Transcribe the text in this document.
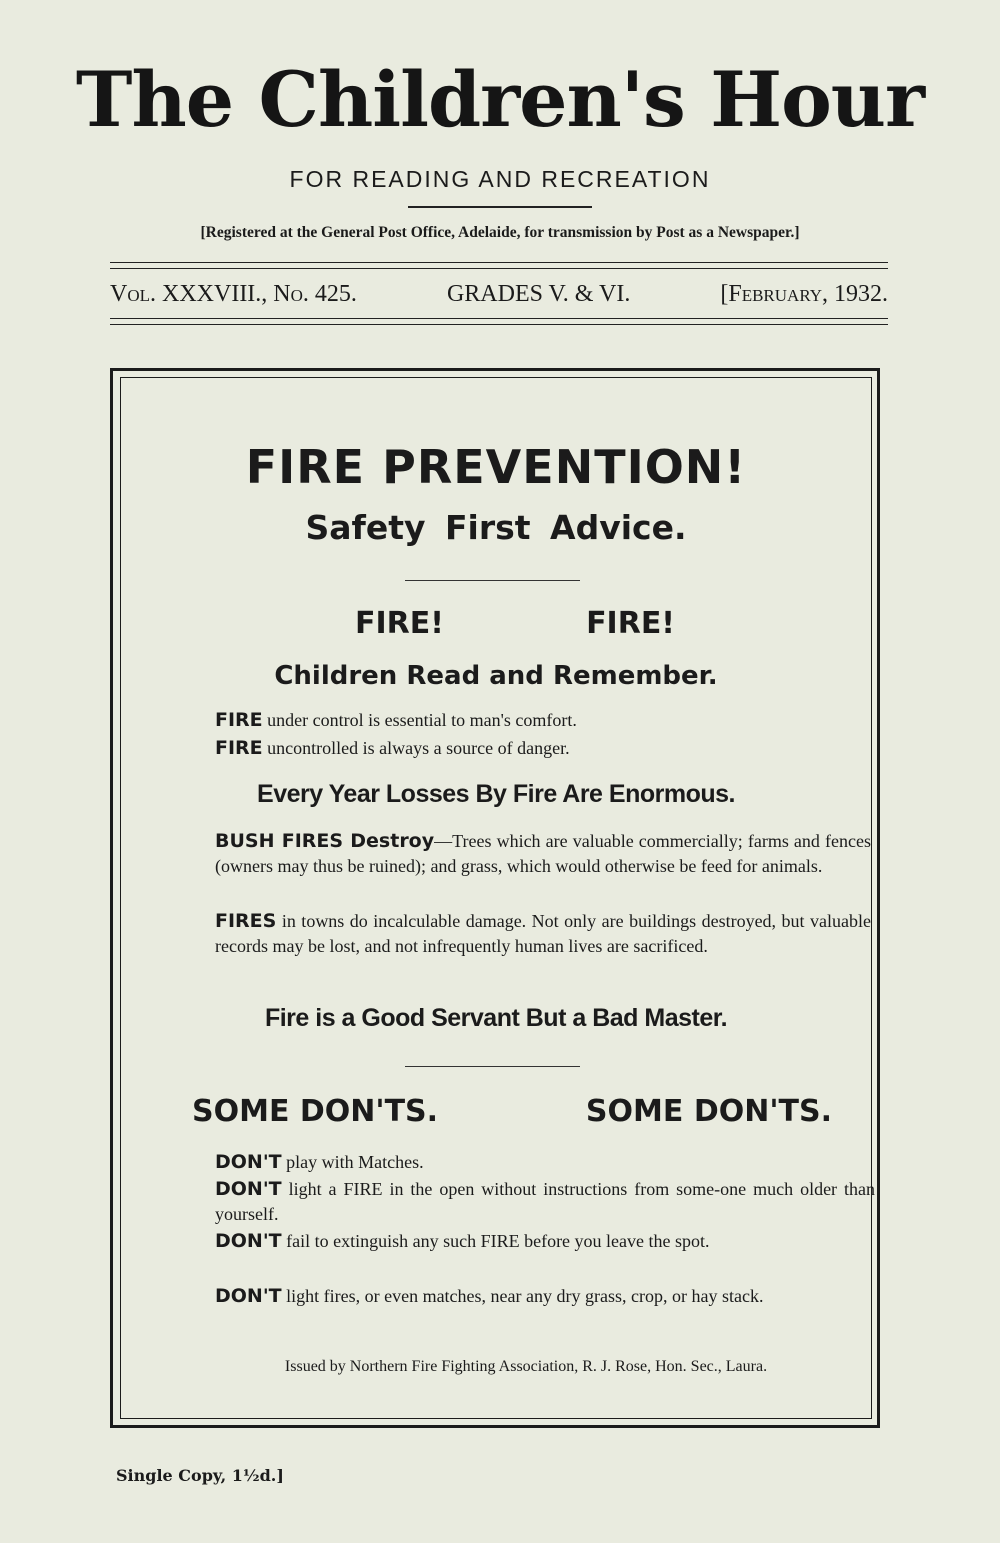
The Children's Hour
FOR READING AND RECREATION
[Registered at the General Post Office, Adelaide, for transmission by Post as a Newspaper.]
Vol. XXXVIII., No. 425.	GRADES V. & VI.	[February, 1932.
FIRE PREVENTION!
Safety First Advice.
FIRE!	FIRE!
Children Read and Remember.
FIRE under control is essential to man's comfort.
FIRE uncontrolled is always a source of danger.
Every Year Losses By Fire Are Enormous.
BUSH FIRES Destroy—Trees which are valuable commercially; farms and fences (owners may thus be ruined); and grass, which would otherwise be feed for animals.
FIRES in towns do incalculable damage. Not only are buildings destroyed, but valuable records may be lost, and not infrequently human lives are sacrificed.
Fire is a Good Servant But a Bad Master.
SOME DON'TS.	SOME DON'TS.
DON'T play with Matches.
DON'T light a FIRE in the open without instructions from some-one much older than yourself.
DON'T fail to extinguish any such FIRE before you leave the spot.
DON'T light fires, or even matches, near any dry grass, crop, or hay stack.
Issued by Northern Fire Fighting Association, R. J. Rose, Hon. Sec., Laura.
Single Copy, 1½d.]
